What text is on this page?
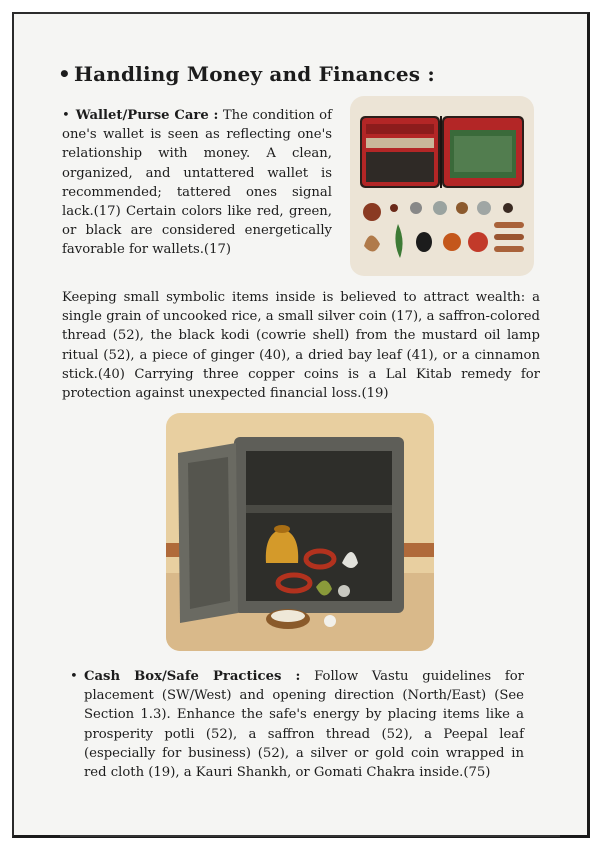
• Handling Money and Finances :
• Wallet/Purse Care : The condition of one's wallet is seen as reflecting one's relationship with money. A clean, organized, and untattered wallet is recommended; tattered ones signal lack.(17) Certain colors like red, green, or black are considered energetically favorable for wallets.(17)
Keeping small symbolic items inside is believed to attract wealth: a single grain of uncooked rice, a small silver coin (17), a saffron-colored thread (52), the black kodi (cowrie shell) from the mustard oil lamp ritual (52), a piece of ginger (40), a dried bay leaf (41), or a cinnamon stick.(40) Carrying three copper coins is a Lal Kitab remedy for protection against unexpected financial loss.(19)
• Cash Box/Safe Practices : Follow Vastu guidelines for placement (SW/West) and opening direction (North/East) (See Section 1.3). Enhance the safe's energy by placing items like a prosperity potli (52), a saffron thread (52), a Peepal leaf (especially for business) (52), a silver or gold coin wrapped in red cloth (19), a Kauri Shankh, or Gomati Chakra inside.(75)
